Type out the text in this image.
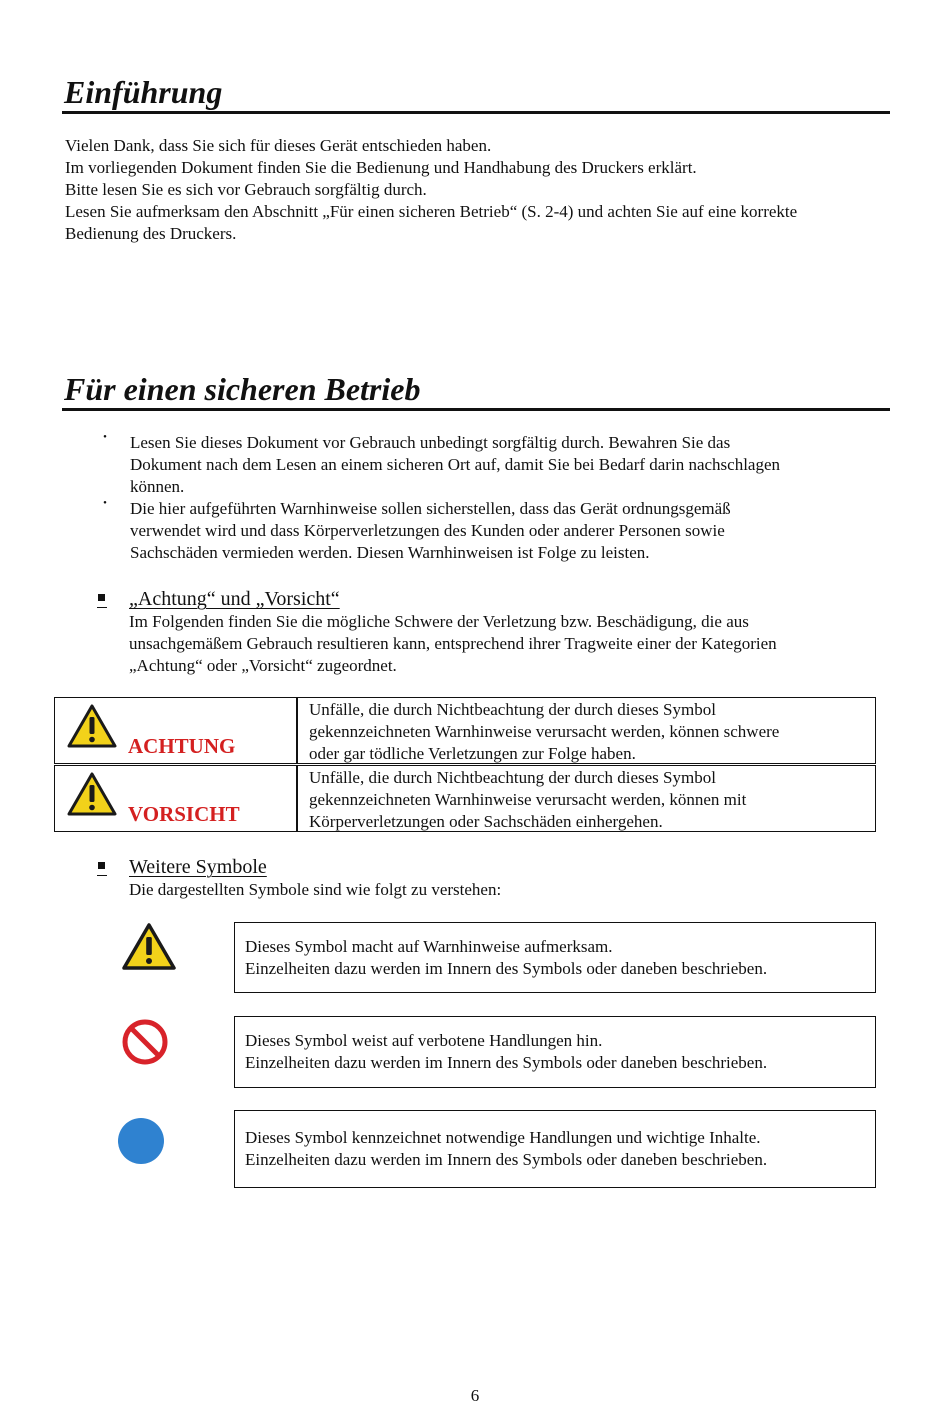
Einführung
Vielen Dank, dass Sie sich für dieses Gerät entschieden haben.
Im vorliegenden Dokument finden Sie die Bedienung und Handhabung des Druckers erklärt.
Bitte lesen Sie es sich vor Gebrauch sorgfältig durch.
Lesen Sie aufmerksam den Abschnitt „Für einen sicheren Betrieb“ (S. 2-4) und achten Sie auf eine korrekte
Bedienung des Druckers.
Für einen sicheren Betrieb
・ Lesen Sie dieses Dokument vor Gebrauch unbedingt sorgfältig durch. Bewahren Sie das
Dokument nach dem Lesen an einem sicheren Ort auf, damit Sie bei Bedarf darin nachschlagen
können.
・ Die hier aufgeführten Warnhinweise sollen sicherstellen, dass das Gerät ordnungsgemäß
verwendet wird und dass Körperverletzungen des Kunden oder anderer Personen sowie
Sachschäden vermieden werden. Diesen Warnhinweisen ist Folge zu leisten.
„Achtung“ und „Vorsicht“
Im Folgenden finden Sie die mögliche Schwere der Verletzung bzw. Beschädigung, die aus
unsachgemäßem Gebrauch resultieren kann, entsprechend ihrer Tragweite einer der Kategorien
„Achtung“ oder „Vorsicht“ zugeordnet.
ACHTUNG
Unfälle, die durch Nichtbeachtung der durch dieses Symbol
gekennzeichneten Warnhinweise verursacht werden, können schwere
oder gar tödliche Verletzungen zur Folge haben.
VORSICHT
Unfälle, die durch Nichtbeachtung der durch dieses Symbol
gekennzeichneten Warnhinweise verursacht werden, können mit
Körperverletzungen oder Sachschäden einhergehen.
Weitere Symbole
Die dargestellten Symbole sind wie folgt zu verstehen:
Dieses Symbol macht auf Warnhinweise aufmerksam.
Einzelheiten dazu werden im Innern des Symbols oder daneben beschrieben.
Dieses Symbol weist auf verbotene Handlungen hin.
Einzelheiten dazu werden im Innern des Symbols oder daneben beschrieben.
Dieses Symbol kennzeichnet notwendige Handlungen und wichtige Inhalte.
Einzelheiten dazu werden im Innern des Symbols oder daneben beschrieben.
6
